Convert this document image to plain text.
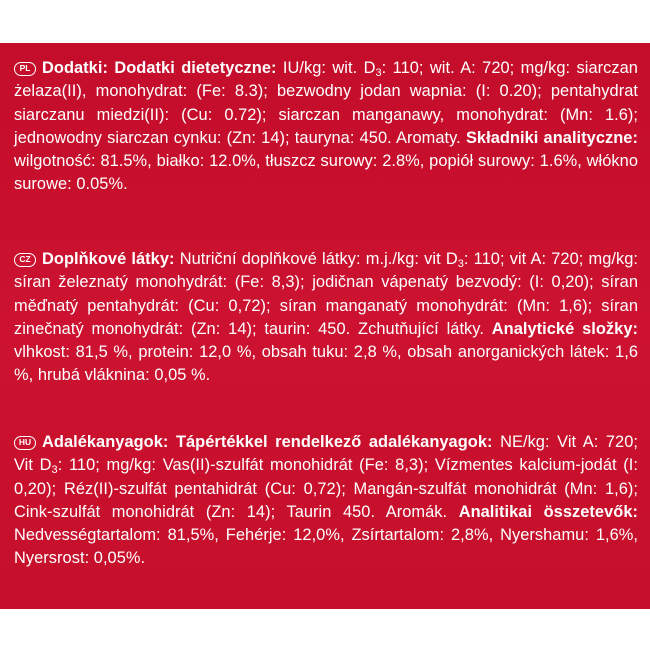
PL Dodatki: Dodatki dietetyczne: IU/kg: wit. $D_3$: 110; wit. A: 720; mg/kg: siarczan żelaza(II), monohydrat: (Fe: 8.3); bezwodny jodan wapnia: (I: 0.20); pentahydrat siarczanu miedzi(II): (Cu: 0.72); siarczan manganawy, monohydrat: (Mn: 1.6); jednowodny siarczan cynku: (Zn: 14); tauryna: 450. Aromaty. Składniki analityczne: wilgotność: 81.5%, białko: 12.0%, tłuszcz surowy: 2.8%, popiół surowy: 1.6%, włókno surowe: 0.05%.
CZ Doplňkové látky: Nutriční doplňkové látky: m.j./kg: vit $D_3$: 110; vit A: 720; mg/kg: síran železnatý monohydrát: (Fe: 8,3); jodičnan vápenatý bezvodý: (I: 0,20); síran měďnatý pentahydrát: (Cu: 0,72); síran manganatý monohydrát: (Mn: 1,6); síran zinečnatý monohydrát: (Zn: 14); taurin: 450. Zchutňující látky. Analytické složky: vlhkost: 81,5 %, protein: 12,0 %, obsah tuku: 2,8 %, obsah anorganických látek: 1,6 %, hrubá vláknina: 0,05 %.
HU Adalékanyagok: Tápértékkel rendelkező adalékanyagok: NE/kg: Vit A: 720; Vit $D_3$: 110; mg/kg: Vas(II)-szulfát monohidrát (Fe: 8,3); Vízmentes kalcium-jodát (I: 0,20); Réz(II)-szulfát pentahidrát (Cu: 0,72); Mangán-szulfát monohidrát (Mn: 1,6); Cink-szulfát monohidrát (Zn: 14); Taurin 450. Aromák. Analitikai összetevők: Nedvességtartalom: 81,5%, Fehérje: 12,0%, Zsírtartalom: 2,8%, Nyershamu: 1,6%, Nyersrost: 0,05%.
